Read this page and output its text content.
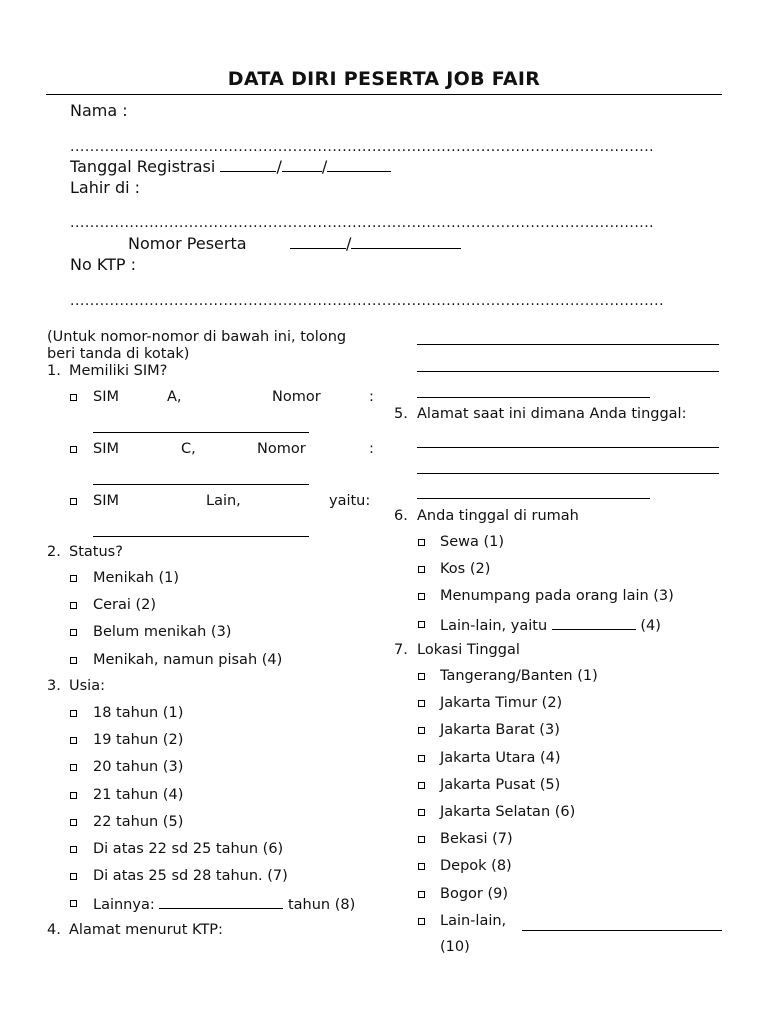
DATA DIRI PESERTA JOB FAIR
Nama :
......................................................................................................................
Tanggal Registrasi	/	/
Lahir di :
......................................................................................................................
Nomor Peserta	/
No KTP :
........................................................................................................................
(Untuk nomor-nomor di bawah ini, tolong
beri tanda di kotak)
1. Memiliki SIM?
SIM	A,	Nomor	:
SIM	C,	Nomor	:
SIM	Lain,	yaitu:
2. Status?
Menikah (1)
Cerai (2)
Belum menikah (3)
Menikah, namun pisah (4)
3. Usia:
18 tahun (1)
19 tahun (2)
20 tahun (3)
21 tahun (4)
22 tahun (5)
Di atas 22 sd 25 tahun (6)
Di atas 25 sd 28 tahun. (7)
Lainnya:	tahun (8)
4. Alamat menurut KTP:
5. Alamat saat ini dimana Anda tinggal:
6. Anda tinggal di rumah
Sewa (1)
Kos (2)
Menumpang pada orang lain (3)
Lain-lain, yaitu	(4)
7. Lokasi Tinggal
Tangerang/Banten (1)
Jakarta Timur (2)
Jakarta Barat (3)
Jakarta Utara (4)
Jakarta Pusat (5)
Jakarta Selatan (6)
Bekasi (7)
Depok (8)
Bogor (9)
Lain-lain,
(10)
